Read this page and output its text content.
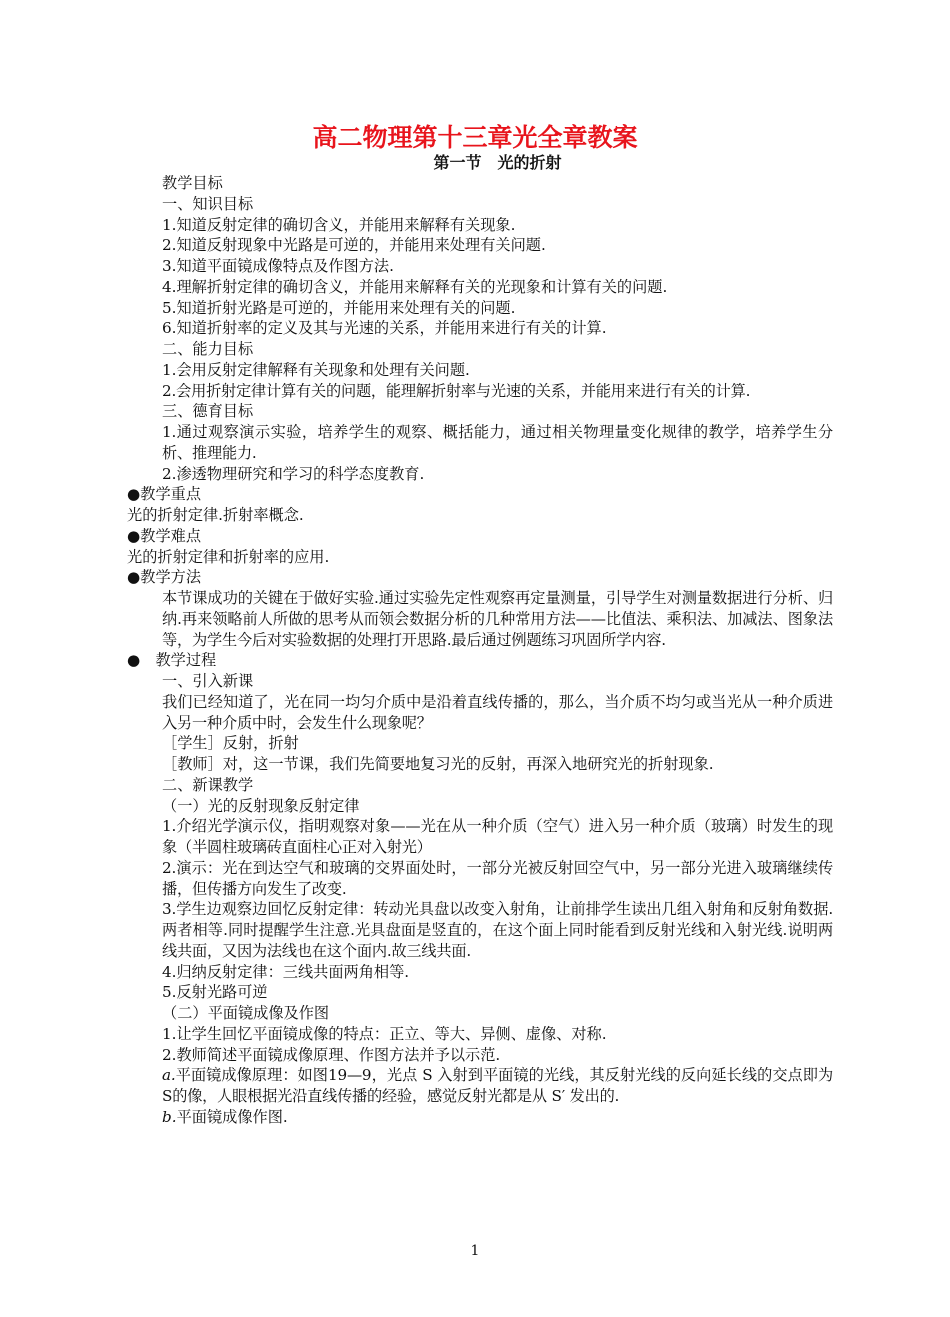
高二物理第十三章光全章教案
第一节　光的折射

教学目标

一、知识目标

1.知道反射定律的确切含义，并能用来解释有关现象.

2.知道反射现象中光路是可逆的，并能用来处理有关问题.

3.知道平面镜成像特点及作图方法.

4.理解折射定律的确切含义，并能用来解释有关的光现象和计算有关的问题.

5.知道折射光路是可逆的，并能用来处理有关的问题.

6.知道折射率的定义及其与光速的关系，并能用来进行有关的计算.

二、能力目标

1.会用反射定律解释有关现象和处理有关问题.

2.会用折射定律计算有关的问题，能理解折射率与光速的关系，并能用来进行有关的计算.

三、德育目标

1.通过观察演示实验，培养学生的观察、概括能力，通过相关物理量变化规律的教学，培养学生分析、推理能力.

2.渗透物理研究和学习的科学态度教育.

●教学重点

光的折射定律.折射率概念.

●教学难点

光的折射定律和折射率的应用.

●教学方法

本节课成功的关键在于做好实验.通过实验先定性观察再定量测量，引导学生对测量数据进行分析、归纳.再来领略前人所做的思考从而领会数据分析的几种常用方法——比值法、乘积法、加减法、图象法等，为学生今后对实验数据的处理打开思路.最后通过例题练习巩固所学内容.

●　教学过程

一、引入新课

我们已经知道了，光在同一均匀介质中是沿着直线传播的，那么，当介质不均匀或当光从一种介质进入另一种介质中时，会发生什么现象呢？

［学生］反射，折射

［教师］对，这一节课，我们先简要地复习光的反射，再深入地研究光的折射现象.

二、新课教学

（一）光的反射现象反射定律

1.介绍光学演示仪，指明观察对象——光在从一种介质（空气）进入另一种介质（玻璃）时发生的现象（半圆柱玻璃砖直面柱心正对入射光）

2.演示：光在到达空气和玻璃的交界面处时，一部分光被反射回空气中，另一部分光进入玻璃继续传播，但传播方向发生了改变.

3.学生边观察边回忆反射定律：转动光具盘以改变入射角，让前排学生读出几组入射角和反射角数据.两者相等.同时提醒学生注意.光具盘面是竖直的，在这个面上同时能看到反射光线和入射光线.说明两线共面，又因为法线也在这个面内.故三线共面.

4.归纳反射定律：三线共面两角相等.

5.反射光路可逆

（二）平面镜成像及作图

1.让学生回忆平面镜成像的特点：正立、等大、异侧、虚像、对称.

2.教师简述平面镜成像原理、作图方法并予以示范.

a.平面镜成像原理：如图19—9，光点 S 入射到平面镜的光线，其反射光线的反向延长线的交点即为S的像，人眼根据光沿直线传播的经验，感觉反射光都是从 S′ 发出的.

b.平面镜成像作图.

1
